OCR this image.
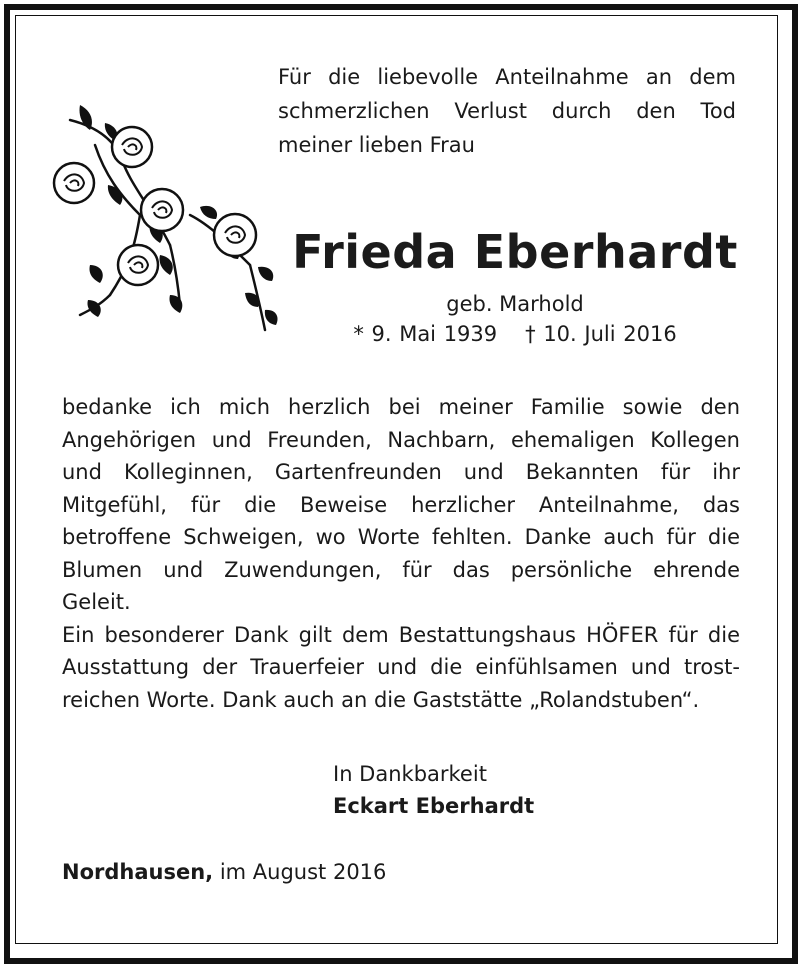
Für die liebevolle Anteilnahme an dem
schmerzlichen Verlust durch den Tod
meiner lieben Frau
Frieda Eberhardt
geb. Marhold
* 9. Mai 1939 † 10. Juli 2016
bedanke ich mich herzlich bei meiner Familie sowie den
Angehörigen und Freunden, Nachbarn, ehemaligen Kollegen
und Kolleginnen, Gartenfreunden und Bekannten für ihr
Mitgefühl, für die Beweise herzlicher Anteilnahme, das
betroffene Schweigen, wo Worte fehlten. Danke auch für die
Blumen und Zuwendungen, für das persönliche ehrende
Geleit.
Ein besonderer Dank gilt dem Bestattungshaus HÖFER für die
Ausstattung der Trauerfeier und die einfühlsamen und trost-
reichen Worte. Dank auch an die Gaststätte „Rolandstuben“.
In Dankbarkeit
Eckart Eberhardt
Nordhausen, im August 2016
